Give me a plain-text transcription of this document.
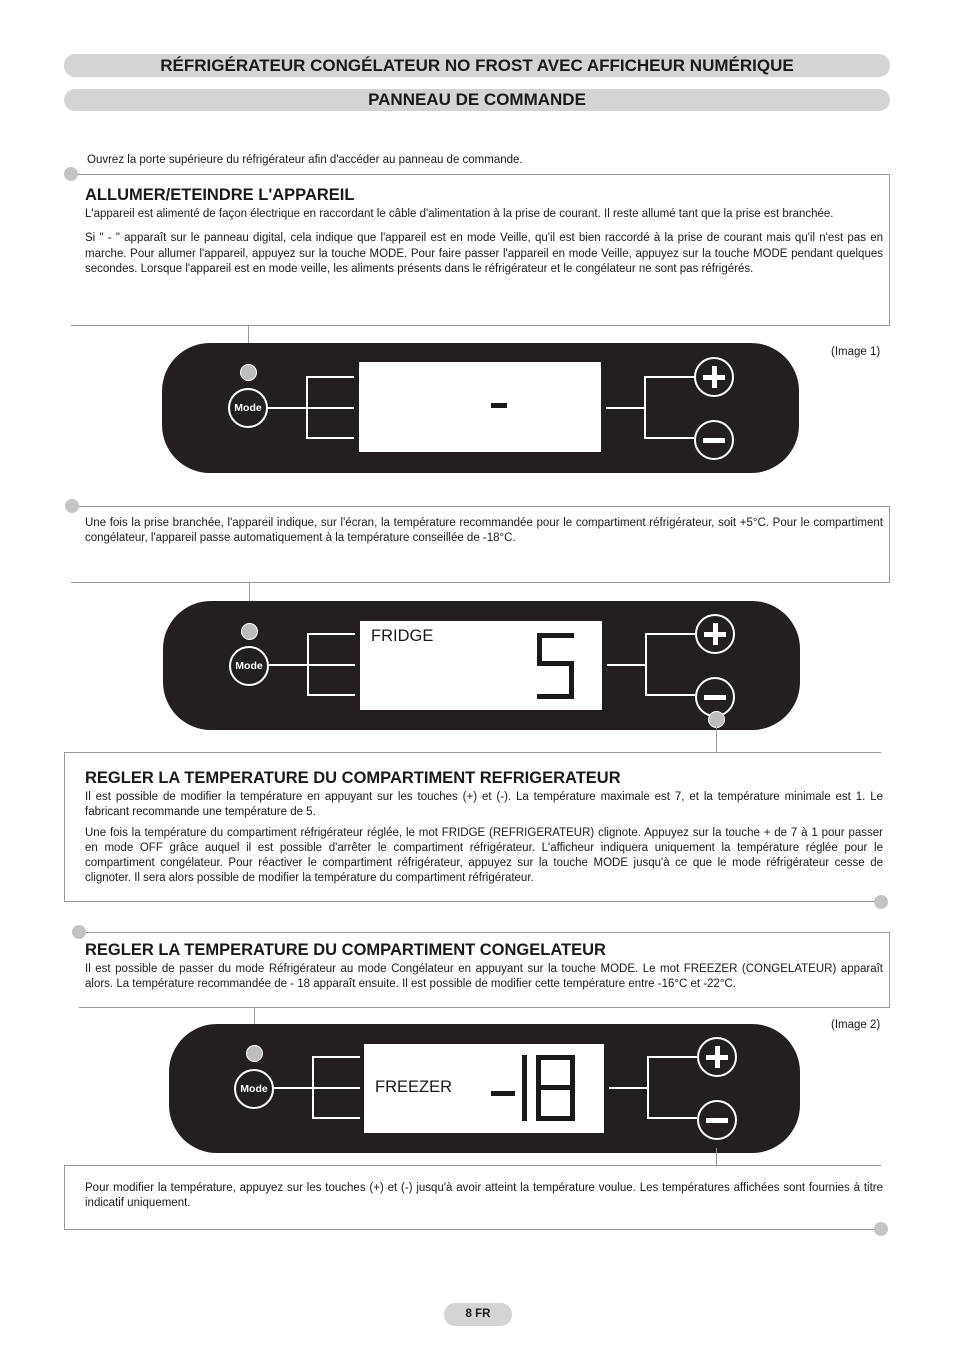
RÉFRIGÉRATEUR CONGÉLATEUR NO FROST AVEC AFFICHEUR NUMÉRIQUE
PANNEAU DE COMMANDE
Ouvrez la porte supérieure du réfrigérateur afin d'accéder au panneau de commande.
ALLUMER/ETEINDRE L'APPAREIL

L'appareil est alimenté de façon électrique en raccordant le câble d'alimentation à la prise de courant. Il reste allumé tant que la prise est branchée.

Si " - " apparaît sur le panneau digital, cela indique que l'appareil est en mode Veille, qu'il est bien raccordé à la prise de courant mais qu'il n'est pas en marche. Pour allumer l'appareil, appuyez sur la touche MODE. Pour faire passer l'appareil en mode Veille, appuyez sur la touche MODE pendant quelques secondes. Lorsque l'appareil est en mode veille, les aliments présents dans le réfrigérateur et le congélateur ne sont pas réfrigérés.

(Image 1)
Mode
Une fois la prise branchée, l'appareil indique, sur l'écran, la température recommandée pour le compartiment réfrigérateur, soit +5°C. Pour le compartiment congélateur, l'appareil passe automatiquement à la température conseillée de -18°C.
Mode
FRIDGE
REGLER LA TEMPERATURE DU COMPARTIMENT REFRIGERATEUR

Il est possible de modifier la température en appuyant sur les touches (+) et (-). La température maximale est 7, et la température minimale est 1. Le fabricant recommande une température de 5.

Une fois la température du compartiment réfrigérateur réglée, le mot FRIDGE (REFRIGERATEUR) clignote. Appuyez sur la touche + de 7 à 1 pour passer en mode OFF grâce auquel il est possible d'arrêter le compartiment réfrigérateur. L'afficheur indiquera uniquement la température réglée pour le compartiment congélateur. Pour réactiver le compartiment réfrigérateur, appuyez sur la touche MODE jusqu'à ce que le mode réfrigérateur cesse de clignoter. Il sera alors possible de modifier la température du compartiment réfrigérateur.

REGLER LA TEMPERATURE DU COMPARTIMENT CONGELATEUR
Il est possible de passer du mode Réfrigérateur au mode Congélateur en appuyant sur la touche MODE. Le mot FREEZER (CONGELATEUR) apparaît alors. La température recommandée de - 18 apparaît ensuite. Il est possible de modifier cette température entre -16°C et -22°C.
(Image 2)
Mode	FREEZER
Pour modifier la température, appuyez sur les touches (+) et (-) jusqu'à avoir atteint la température voulue. Les températures affichées sont fournies à titre indicatif uniquement.
8 FR
